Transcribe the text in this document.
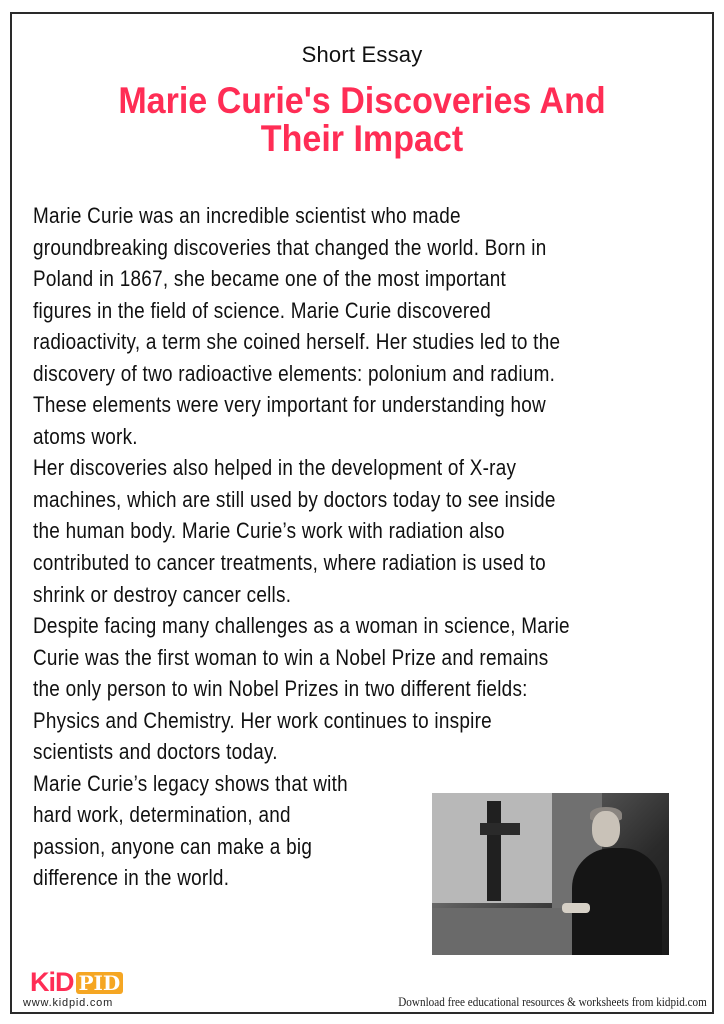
Short Essay
Marie Curie's Discoveries And
Their Impact
Marie Curie was an incredible scientist who made
groundbreaking discoveries that changed the world. Born in
Poland in 1867, she became one of the most important
figures in the field of science. Marie Curie discovered
radioactivity, a term she coined herself. Her studies led to the
discovery of two radioactive elements: polonium and radium.
These elements were very important for understanding how
atoms work.
Her discoveries also helped in the development of X-ray
machines, which are still used by doctors today to see inside
the human body. Marie Curie’s work with radiation also
contributed to cancer treatments, where radiation is used to
shrink or destroy cancer cells.
Despite facing many challenges as a woman in science, Marie
Curie was the first woman to win a Nobel Prize and remains
the only person to win Nobel Prizes in two different fields:
Physics and Chemistry. Her work continues to inspire
scientists and doctors today.
Marie Curie’s legacy shows that with
hard work, determination, and
passion, anyone can make a big
difference in the world.
KiD PID
www.kidpid.com	Download free educational resources & worksheets from kidpid.com
